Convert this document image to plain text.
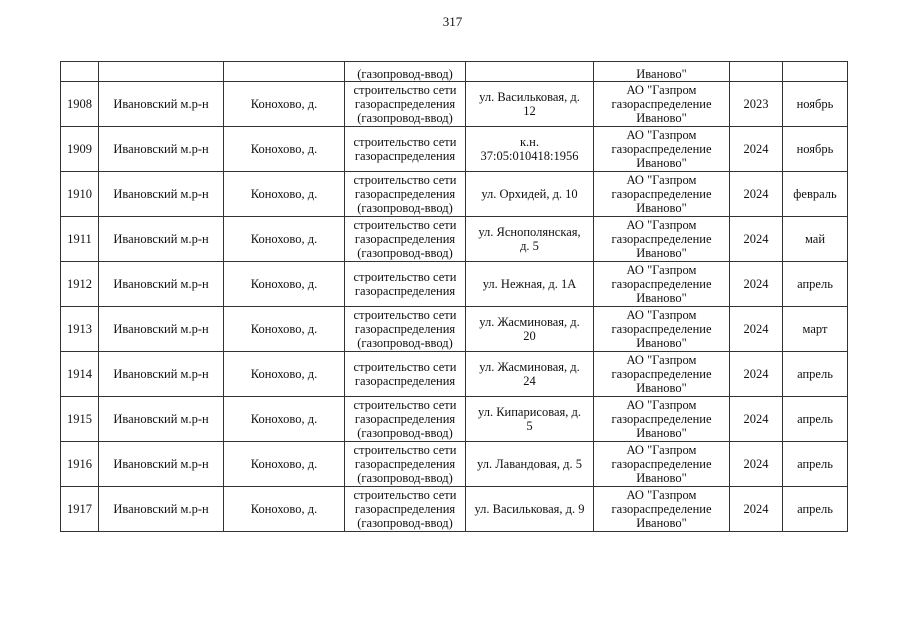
317
			(газопровод-ввод)		Иваново"		
1908	Ивановский м.р-н	Конохово, д.	строительство сети
газораспределения
(газопровод-ввод)	ул. Васильковая, д.
12	АО "Газпром
газораспределение
Иваново"	2023	ноябрь
1909	Ивановский м.р-н	Конохово, д.	строительство сети
газораспределения	к.н.
37:05:010418:1956	АО "Газпром
газораспределение
Иваново"	2024	ноябрь
1910	Ивановский м.р-н	Конохово, д.	строительство сети
газораспределения
(газопровод-ввод)	ул. Орхидей, д. 10	АО "Газпром
газораспределение
Иваново"	2024	февраль
1911	Ивановский м.р-н	Конохово, д.	строительство сети
газораспределения
(газопровод-ввод)	ул. Яснополянская,
д. 5	АО "Газпром
газораспределение
Иваново"	2024	май
1912	Ивановский м.р-н	Конохово, д.	строительство сети
газораспределения	ул. Нежная, д. 1А	АО "Газпром
газораспределение
Иваново"	2024	апрель
1913	Ивановский м.р-н	Конохово, д.	строительство сети
газораспределения
(газопровод-ввод)	ул. Жасминовая, д.
20	АО "Газпром
газораспределение
Иваново"	2024	март
1914	Ивановский м.р-н	Конохово, д.	строительство сети
газораспределения	ул. Жасминовая, д.
24	АО "Газпром
газораспределение
Иваново"	2024	апрель
1915	Ивановский м.р-н	Конохово, д.	строительство сети
газораспределения
(газопровод-ввод)	ул. Кипарисовая, д.
5	АО "Газпром
газораспределение
Иваново"	2024	апрель
1916	Ивановский м.р-н	Конохово, д.	строительство сети
газораспределения
(газопровод-ввод)	ул. Лавандовая, д. 5	АО "Газпром
газораспределение
Иваново"	2024	апрель
1917	Ивановский м.р-н	Конохово, д.	строительство сети
газораспределения
(газопровод-ввод)	ул. Васильковая, д. 9	АО "Газпром
газораспределение
Иваново"	2024	апрель
